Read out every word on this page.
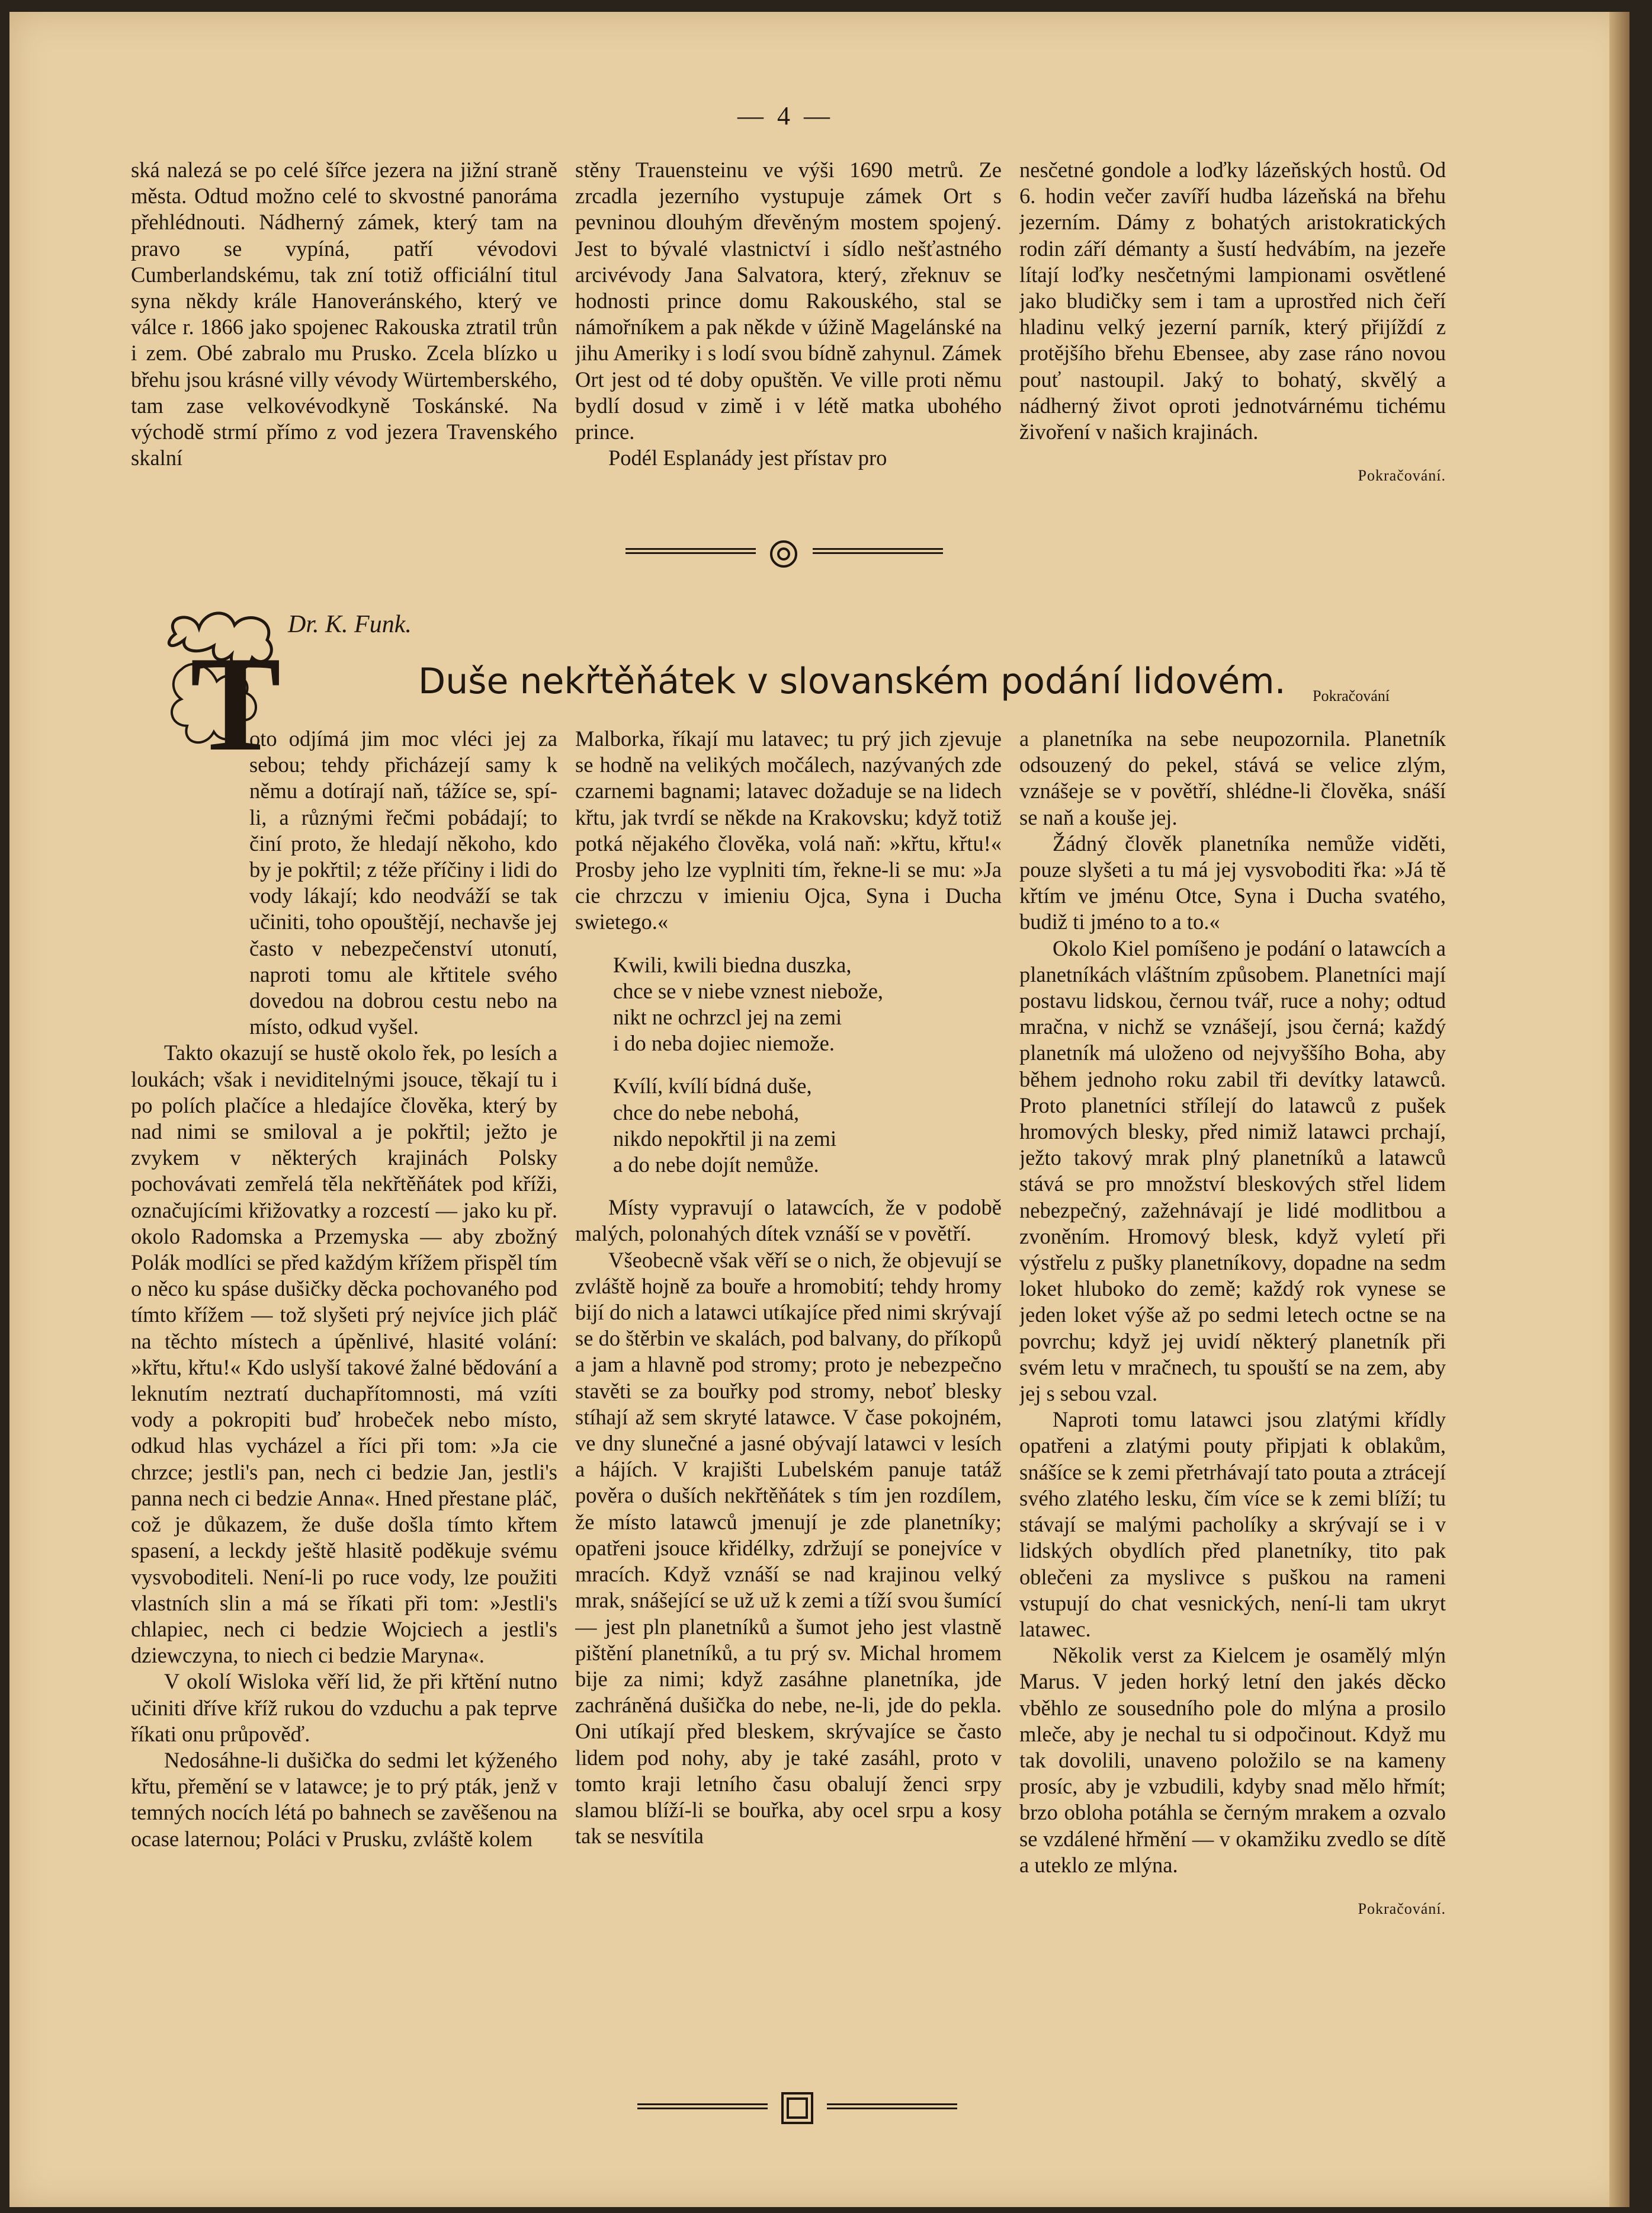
— 4 —

ská nalezá se po celé šířce jezera na jižní straně města. Odtud možno celé to skvostné panoráma přehlédnouti. Nádherný zámek, který tam na pravo se vypíná, patří vévodovi Cumberlandskému, tak zní totiž officiální titul syna někdy krále Hanoveránského, který ve válce r. 1866 jako spojenec Rakouska ztratil trůn i zem. Obé zabralo mu Prusko. Zcela blízko u břehu jsou krásné villy vévody Würtemberského, tam zase velkovévodkyně Toskánské. Na východě strmí přímo z vod jezera Travenského skalní

stěny Trauensteinu ve výši 1690 metrů. Ze zrcadla jezerního vystupuje zámek Ort s pevninou dlouhým dřevěným mostem spojený. Jest to bývalé vlastnictví i sídlo nešťastného arcivévody Jana Salvatora, který, zřeknuv se hodnosti prince domu Rakouského, stal se námořníkem a pak někde v úžině Magelánské na jihu Ameriky i s lodí svou bídně zahynul. Zámek Ort jest od té doby opuštěn. Ve ville proti němu bydlí dosud v zimě i v létě matka ubohého prince.

Podél Esplanády jest přístav pro

nesčetné gondole a loďky lázeňských hostů. Od 6. hodin večer zavíří hudba lázeňská na břehu jezerním. Dámy z bohatých aristokratických rodin září démanty a šustí hedvábím, na jezeře lítají loďky nesčetnými lampionami osvětlené jako bludičky sem i tam a uprostřed nich čeří hladinu velký jezerní parník, který přijíždí z protějšího břehu Ebensee, aby zase ráno novou pouť nastoupil. Jaký to bohatý, skvělý a nádherný život oproti jednotvárnému tichému živoření v našich krajinách.

Pokračování.
T
Dr. K. Funk.
Duše nekřtěňátek v slovanském podání lidovém. Pokračování

oto odjímá jim moc vléci jej za sebou; tehdy přicházejí samy k němu a dotírají naň, tážíce se, spí-li, a různými řečmi pobádají; to činí proto, že hledají někoho, kdo by je pokřtil; z téže příčiny i lidi do vody lákají; kdo neodváží se tak učiniti, toho opouštějí, nechavše jej často v nebezpečenství utonutí, naproti tomu ale křtitele svého dovedou na dobrou cestu nebo na místo, odkud vyšel.

Takto okazují se hustě okolo řek, po lesích a loukách; však i neviditelnými jsouce, těkají tu i po polích plačíce a hledajíce člověka, který by nad nimi se smiloval a je pokřtil; ježto je zvykem v některých krajinách Polsky pochovávati zemřelá těla nekřtěňátek pod kříži, označujícími křižovatky a rozcestí — jako ku př. okolo Radomska a Przemyska — aby zbožný Polák modlíci se před každým křížem přispěl tím o něco ku spáse dušičky děcka pochovaného pod tímto křížem — tož slyšeti prý nejvíce jich pláč na těchto místech a úpěnlivé, hlasité volání: »křtu, křtu!« Kdo uslyší takové žalné bědování a leknutím neztratí duchapřítomnosti, má vzíti vody a pokropiti buď hrobeček nebo místo, odkud hlas vycházel a říci při tom: »Ja cie chrzce; jestli's pan, nech ci bedzie Jan, jestli's panna nech ci bedzie Anna«. Hned přestane pláč, což je důkazem, že duše došla tímto křtem spasení, a leckdy ještě hlasitě poděkuje svému vysvoboditeli. Není-li po ruce vody, lze použiti vlastních slin a má se říkati při tom: »Jestli's chlapiec, nech ci bedzie Wojciech a jestli's dziewczyna, to niech ci bedzie Maryna«.

V okolí Wisloka věří lid, že při křtění nutno učiniti dříve kříž rukou do vzduchu a pak teprve říkati onu průpověď.

Nedosáhne-li dušička do sedmi let kýženého křtu, přemění se v latawce; je to prý pták, jenž v temných nocích létá po bahnech se zavěšenou na ocase laternou; Poláci v Prusku, zvláště kolem

Malborka, říkají mu latavec; tu prý jich zjevuje se hodně na velikých močálech, nazývaných zde czarnemi bagnami; latavec dožaduje se na lidech křtu, jak tvrdí se někde na Krakovsku; když totiž potká nějakého člověka, volá naň: »křtu, křtu!« Prosby jeho lze vyplniti tím, řekne-li se mu: »Ja cie chrzczu v imieniu Ojca, Syna i Ducha swietego.«

Kwili, kwili biedna duszka,
chce se v niebe vznest niebože,
nikt ne ochrzcl jej na zemi
i do neba dojiec niemože.
Kvílí, kvílí bídná duše,
chce do nebe nebohá,
nikdo nepokřtil ji na zemi
a do nebe dojít nemůže.

Místy vypravují o latawcích, že v podobě malých, polonahých dítek vznáší se v povětří.

Všeobecně však věří se o nich, že objevují se zvláště hojně za bouře a hromobití; tehdy hromy bijí do nich a latawci utíkajíce před nimi skrývají se do štěrbin ve skalách, pod balvany, do příkopů a jam a hlavně pod stromy; proto je nebezpečno stavěti se za bouřky pod stromy, neboť blesky stíhají až sem skryté latawce. V čase pokojném, ve dny slunečné a jasné obývají latawci v lesích a hájích. V krajišti Lubelském panuje tatáž pověra o duších nekřtěňátek s tím jen rozdílem, že místo latawců jmenují je zde planetníky; opatřeni jsouce křidélky, zdržují se ponejvíce v mracích. Když vznáší se nad krajinou velký mrak, snášející se už už k zemi a tíží svou šumící — jest pln planetníků a šumot jeho jest vlastně pištění planetníků, a tu prý sv. Michal hromem bije za nimi; když zasáhne planetníka, jde zachráněná dušička do nebe, ne-li, jde do pekla. Oni utíkají před bleskem, skrývajíce se často lidem pod nohy, aby je také zasáhl, proto v tomto kraji letního času obalují ženci srpy slamou blíží-li se bouřka, aby ocel srpu a kosy tak se nesvítila

a planetníka na sebe neupozornila. Planetník odsouzený do pekel, stává se velice zlým, vznášeje se v povětří, shlédne-li člověka, snáší se naň a kouše jej.

Žádný člověk planetníka nemůže viděti, pouze slyšeti a tu má jej vysvoboditi řka: »Já tě křtím ve jménu Otce, Syna i Ducha svatého, budiž ti jméno to a to.«

Okolo Kiel pomíšeno je podání o latawcích a planetníkách vláštním způsobem. Planetníci mají postavu lidskou, černou tvář, ruce a nohy; odtud mračna, v nichž se vznášejí, jsou černá; každý planetník má uloženo od nejvyššího Boha, aby během jednoho roku zabil tři devítky latawců. Proto planetníci střílejí do latawců z pušek hromových blesky, před nimiž latawci prchají, ježto takový mrak plný planetníků a latawců stává se pro množství bleskových střel lidem nebezpečný, zažehnávají je lidé modlitbou a zvoněním. Hromový blesk, když vyletí při výstřelu z pušky planetníkovy, dopadne na sedm loket hluboko do země; každý rok vynese se jeden loket výše až po sedmi letech octne se na povrchu; když jej uvidí některý planetník při svém letu v mračnech, tu spouští se na zem, aby jej s sebou vzal.

Naproti tomu latawci jsou zlatými křídly opatřeni a zlatými pouty připjati k oblakům, snášíce se k zemi přetrhávají tato pouta a ztrácejí svého zlatého lesku, čím více se k zemi blíží; tu stávají se malými pacholíky a skrývají se i v lidských obydlích před planetníky, tito pak oblečeni za myslivce s puškou na rameni vstupují do chat vesnických, není-li tam ukryt latawec.

Několik verst za Kielcem je osamělý mlýn Marus. V jeden horký letní den jakés děcko vběhlo ze sousedního pole do mlýna a prosilo mleče, aby je nechal tu si odpočinout. Když mu tak dovolili, unaveno položilo se na kameny prosíc, aby je vzbudili, kdyby snad mělo hřmít; brzo obloha potáhla se černým mrakem a ozvalo se vzdálené hřmění — v okamžiku zvedlo se dítě a uteklo ze mlýna.

Pokračování.
